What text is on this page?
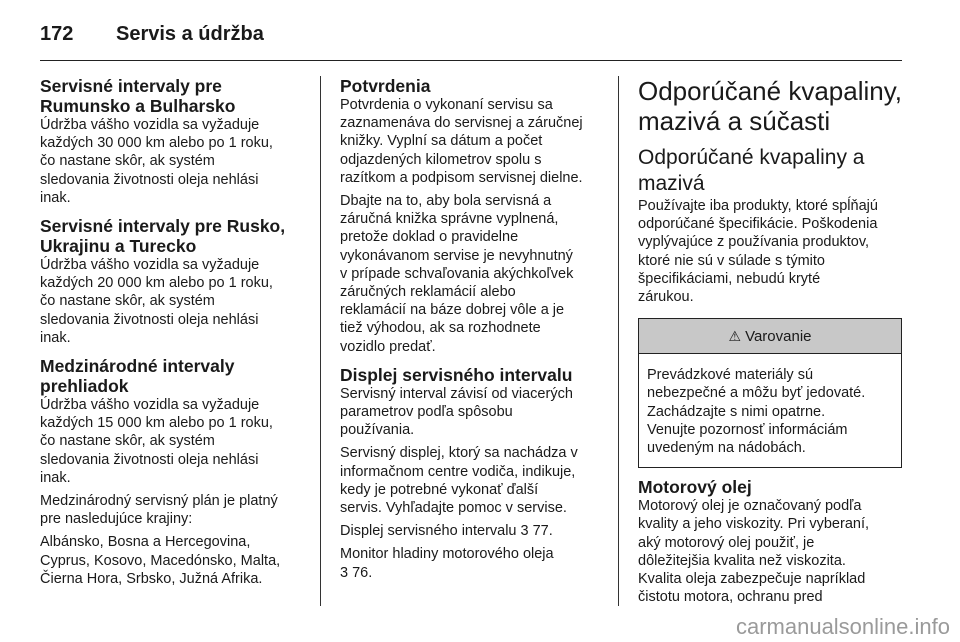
172	Servis a údržba
Servisné intervaly pre
Rumunsko a Bulharsko

Údržba vášho vozidla sa vyžaduje
každých 30 000 km alebo po 1 roku,
čo nastane skôr, ak systém
sledovania životnosti oleja nehlási
inak.

Servisné intervaly pre Rusko,
Ukrajinu a Turecko

Údržba vášho vozidla sa vyžaduje
každých 20 000 km alebo po 1 roku,
čo nastane skôr, ak systém
sledovania životnosti oleja nehlási
inak.

Medzinárodné intervaly
prehliadok

Údržba vášho vozidla sa vyžaduje
každých 15 000 km alebo po 1 roku,
čo nastane skôr, ak systém
sledovania životnosti oleja nehlási
inak.

Medzinárodný servisný plán je platný
pre nasledujúce krajiny:

Albánsko, Bosna a Hercegovina,
Cyprus, Kosovo, Macedónsko, Malta,
Čierna Hora, Srbsko, Južná Afrika.

Potvrdenia

Potvrdenia o vykonaní servisu sa
zaznamenáva do servisnej a záručnej
knižky. Vyplní sa dátum a počet
odjazdených kilometrov spolu s
razítkom a podpisom servisnej dielne.

Dbajte na to, aby bola servisná a
záručná knižka správne vyplnená,
pretože doklad o pravidelne
vykonávanom servise je nevyhnutný
v prípade schvaľovania akýchkoľvek
záručných reklamácií alebo
reklamácií na báze dobrej vôle a je
tiež výhodou, ak sa rozhodnete
vozidlo predať.

Displej servisného intervalu

Servisný interval závisí od viacerých
parametrov podľa spôsobu
používania.

Servisný displej, ktorý sa nachádza v
informačnom centre vodiča, indikuje,
kedy je potrebné vykonať ďalší
servis. Vyhľadajte pomoc v servise.

Displej servisného intervalu 3 77.

Monitor hladiny motorového oleja
3 76.

Odporúčané kvapaliny,
mazivá a súčasti
Odporúčané kvapaliny a
mazivá

Používajte iba produkty, ktoré spĺňajú
odporúčané špecifikácie. Poškodenia
vyplývajúce z používania produktov,
ktoré nie sú v súlade s týmito
špecifikáciami, nebudú kryté
zárukou.

⚠ Varovanie

Prevádzkové materiály sú
nebezpečné a môžu byť jedovaté.
Zachádzajte s nimi opatrne.
Venujte pozornosť informáciám
uvedeným na nádobách.

Motorový olej

Motorový olej je označovaný podľa
kvality a jeho viskozity. Pri vyberaní,
aký motorový olej použiť, je
dôležitejšia kvalita než viskozita.
Kvalita oleja zabezpečuje napríklad
čistotu motora, ochranu pred

carmanualsonline.info
